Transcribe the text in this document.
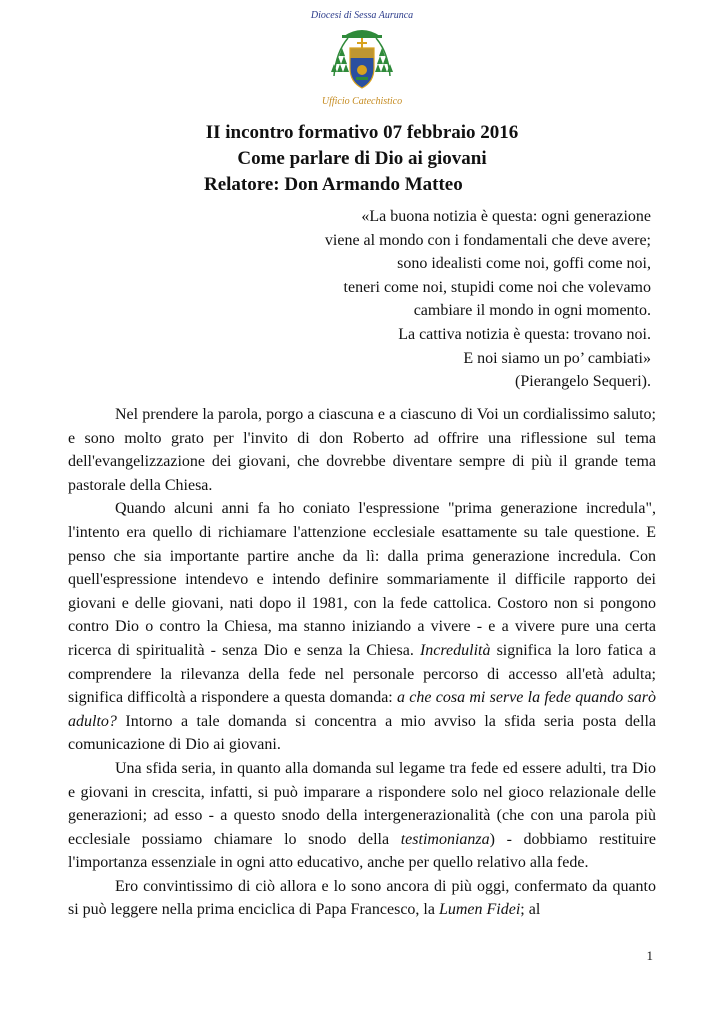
Diocesi di Sessa Aurunca
Ufficio Catechistico
II incontro formativo 07 febbraio 2016
Come parlare di Dio ai giovani
Relatore: Don Armando Matteo
«La buona notizia è questa: ogni generazione
viene al mondo con i fondamentali che deve avere;
sono idealisti come noi, goffi come noi,
teneri come noi, stupidi come noi che volevamo
cambiare il mondo in ogni momento.
La cattiva notizia è questa: trovano noi.
E noi siamo un po’ cambiati»
(Pierangelo Sequeri).

Nel prendere la parola, porgo a ciascuna e a ciascuno di Voi un cordialissimo saluto; e sono molto grato per l'invito di don Roberto ad offrire una riflessione sul tema dell'evangelizzazione dei giovani, che dovrebbe diventare sempre di più il grande tema pastorale della Chiesa.

Quando alcuni anni fa ho coniato l'espressione "prima generazione incredula", l'intento era quello di richiamare l'attenzione ecclesiale esattamente su tale questione. E penso che sia importante partire anche da lì: dalla prima generazione incredula. Con quell'espressione intendevo e intendo definire sommariamente il difficile rapporto dei giovani e delle giovani, nati dopo il 1981, con la fede cattolica. Costoro non si pongono contro Dio o contro la Chiesa, ma stanno iniziando a vivere - e a vivere pure una certa ricerca di spiritualità - senza Dio e senza la Chiesa. Incredulità significa la loro fatica a comprendere la rilevanza della fede nel personale percorso di accesso all'età adulta; significa difficoltà a rispondere a questa domanda: a che cosa mi serve la fede quando sarò adulto? Intorno a tale domanda si concentra a mio avviso la sfida seria posta della comunicazione di Dio ai giovani.

Una sfida seria, in quanto alla domanda sul legame tra fede ed essere adulti, tra Dio e giovani in crescita, infatti, si può imparare a rispondere solo nel gioco relazionale delle generazioni; ad esso - a questo snodo della intergenerazionalità (che con una parola più ecclesiale possiamo chiamare lo snodo della testimonianza) - dobbiamo restituire l'importanza essenziale in ogni atto educativo, anche per quello relativo alla fede.

Ero convintissimo di ciò allora e lo sono ancora di più oggi, confermato da quanto si può leggere nella prima enciclica di Papa Francesco, la Lumen Fidei; al

1
